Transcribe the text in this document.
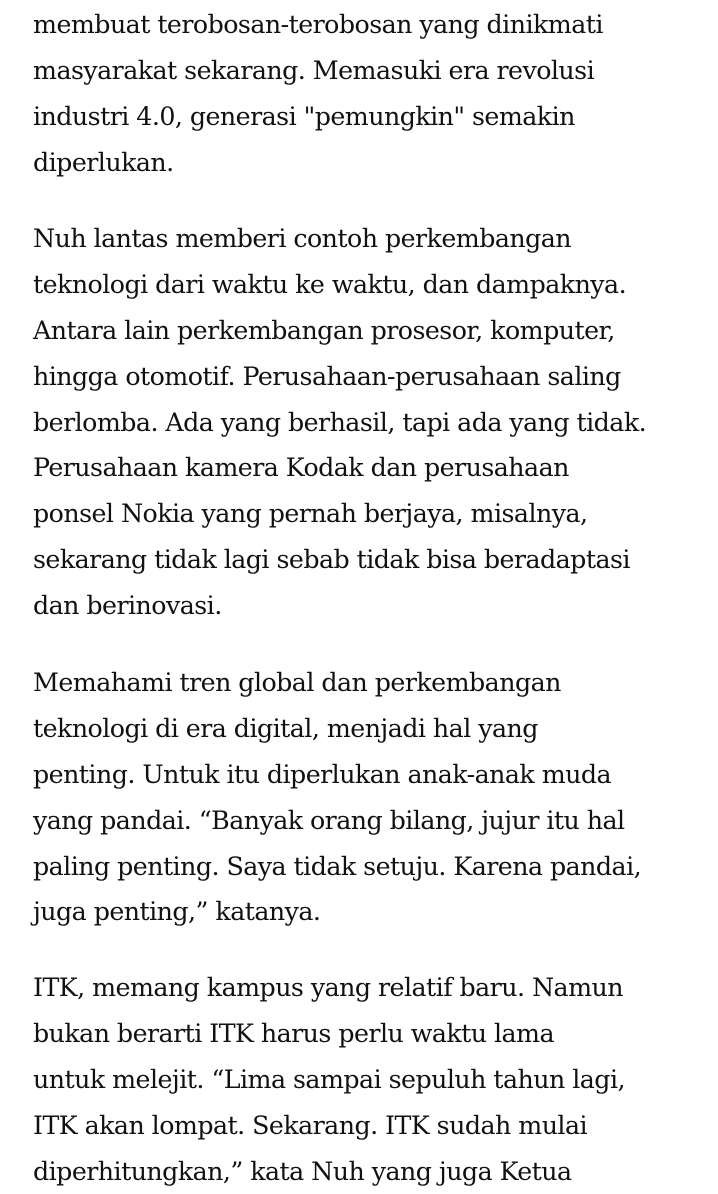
membuat terobosan-terobosan yang dinikmati
masyarakat sekarang. Memasuki era revolusi
industri 4.0, generasi "pemungkin" semakin
diperlukan.

Nuh lantas memberi contoh perkembangan
teknologi dari waktu ke waktu, dan dampaknya.
Antara lain perkembangan prosesor, komputer,
hingga otomotif. Perusahaan-perusahaan saling
berlomba. Ada yang berhasil, tapi ada yang tidak.
Perusahaan kamera Kodak dan perusahaan
ponsel Nokia yang pernah berjaya, misalnya,
sekarang tidak lagi sebab tidak bisa beradaptasi
dan berinovasi.

Memahami tren global dan perkembangan
teknologi di era digital, menjadi hal yang
penting. Untuk itu diperlukan anak-anak muda
yang pandai. “Banyak orang bilang, jujur itu hal
paling penting. Saya tidak setuju. Karena pandai,
juga penting,” katanya.

ITK, memang kampus yang relatif baru. Namun
bukan berarti ITK harus perlu waktu lama
untuk melejit. “Lima sampai sepuluh tahun lagi,
ITK akan lompat. Sekarang. ITK sudah mulai
diperhitungkan,” kata Nuh yang juga Ketua
